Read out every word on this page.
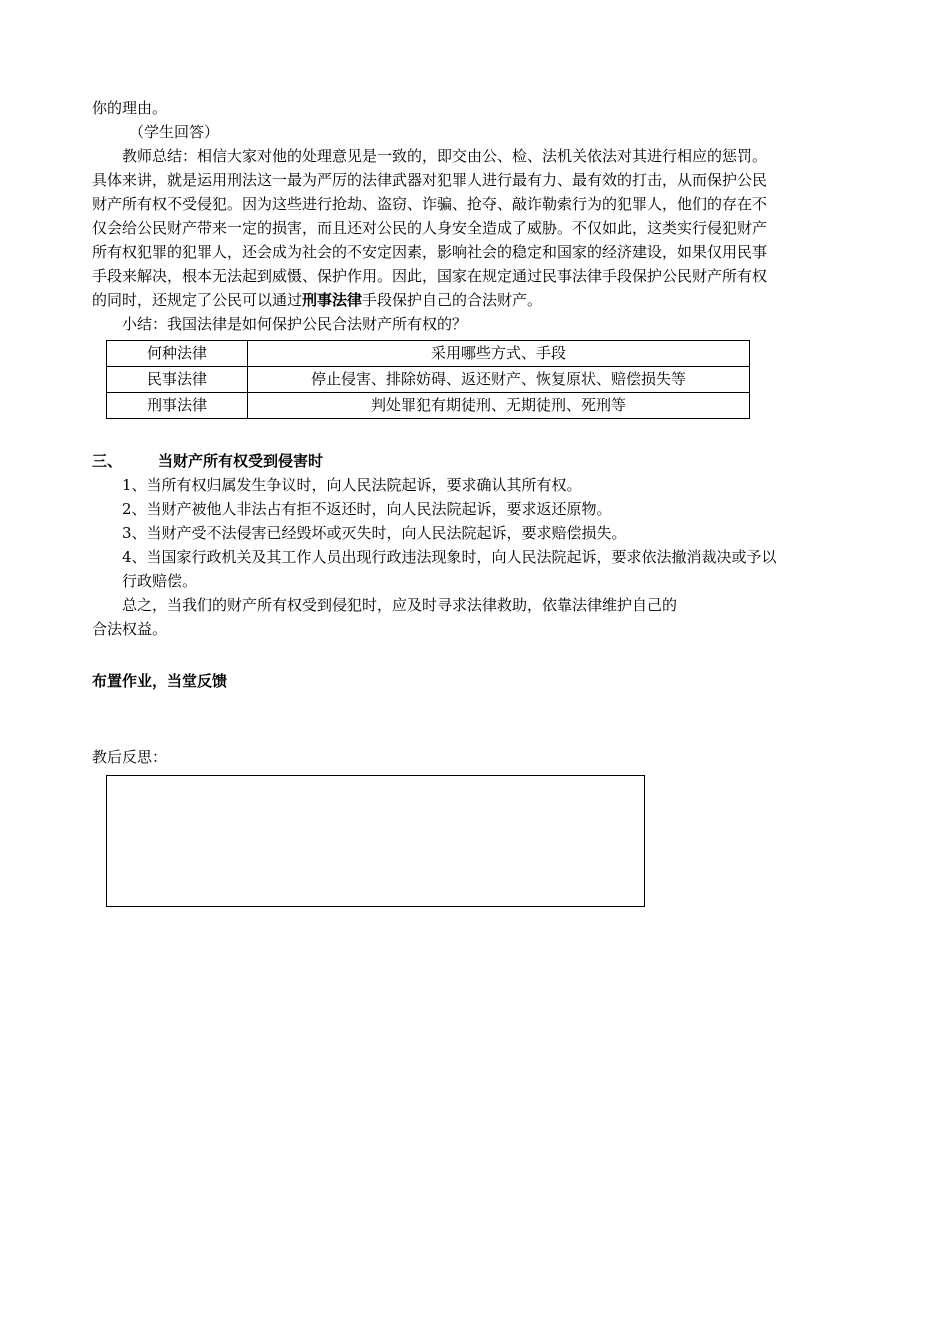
你的理由。
（学生回答）
教师总结：相信大家对他的处理意见是一致的，即交由公、检、法机关依法对其进行相应的惩罚。
具体来讲，就是运用刑法这一最为严厉的法律武器对犯罪人进行最有力、最有效的打击，从而保护公民
财产所有权不受侵犯。因为这些进行抢劫、盗窃、诈骗、抢夺、敲诈勒索行为的犯罪人，他们的存在不
仅会给公民财产带来一定的损害，而且还对公民的人身安全造成了威胁。不仅如此，这类实行侵犯财产
所有权犯罪的犯罪人，还会成为社会的不安定因素，影响社会的稳定和国家的经济建设，如果仅用民事
手段来解决，根本无法起到威慑、保护作用。因此，国家在规定通过民事法律手段保护公民财产所有权
的同时，还规定了公民可以通过刑事法律手段保护自己的合法财产。
小结：我国法律是如何保护公民合法财产所有权的？
何种法律	采用哪些方式、手段
民事法律	停止侵害、排除妨碍、返还财产、恢复原状、赔偿损失等
刑事法律	判处罪犯有期徒刑、无期徒刑、死刑等
三、	当财产所有权受到侵害时
1、当所有权归属发生争议时，向人民法院起诉，要求确认其所有权。
2、当财产被他人非法占有拒不返还时，向人民法院起诉，要求返还原物。
3、当财产受不法侵害已经毁坏或灭失时，向人民法院起诉，要求赔偿损失。
4、当国家行政机关及其工作人员出现行政违法现象时，向人民法院起诉，要求依法撤消裁决或予以
行政赔偿。
总之，当我们的财产所有权受到侵犯时，应及时寻求法律救助，依靠法律维护自己的
合法权益。
布置作业，当堂反馈
教后反思：
